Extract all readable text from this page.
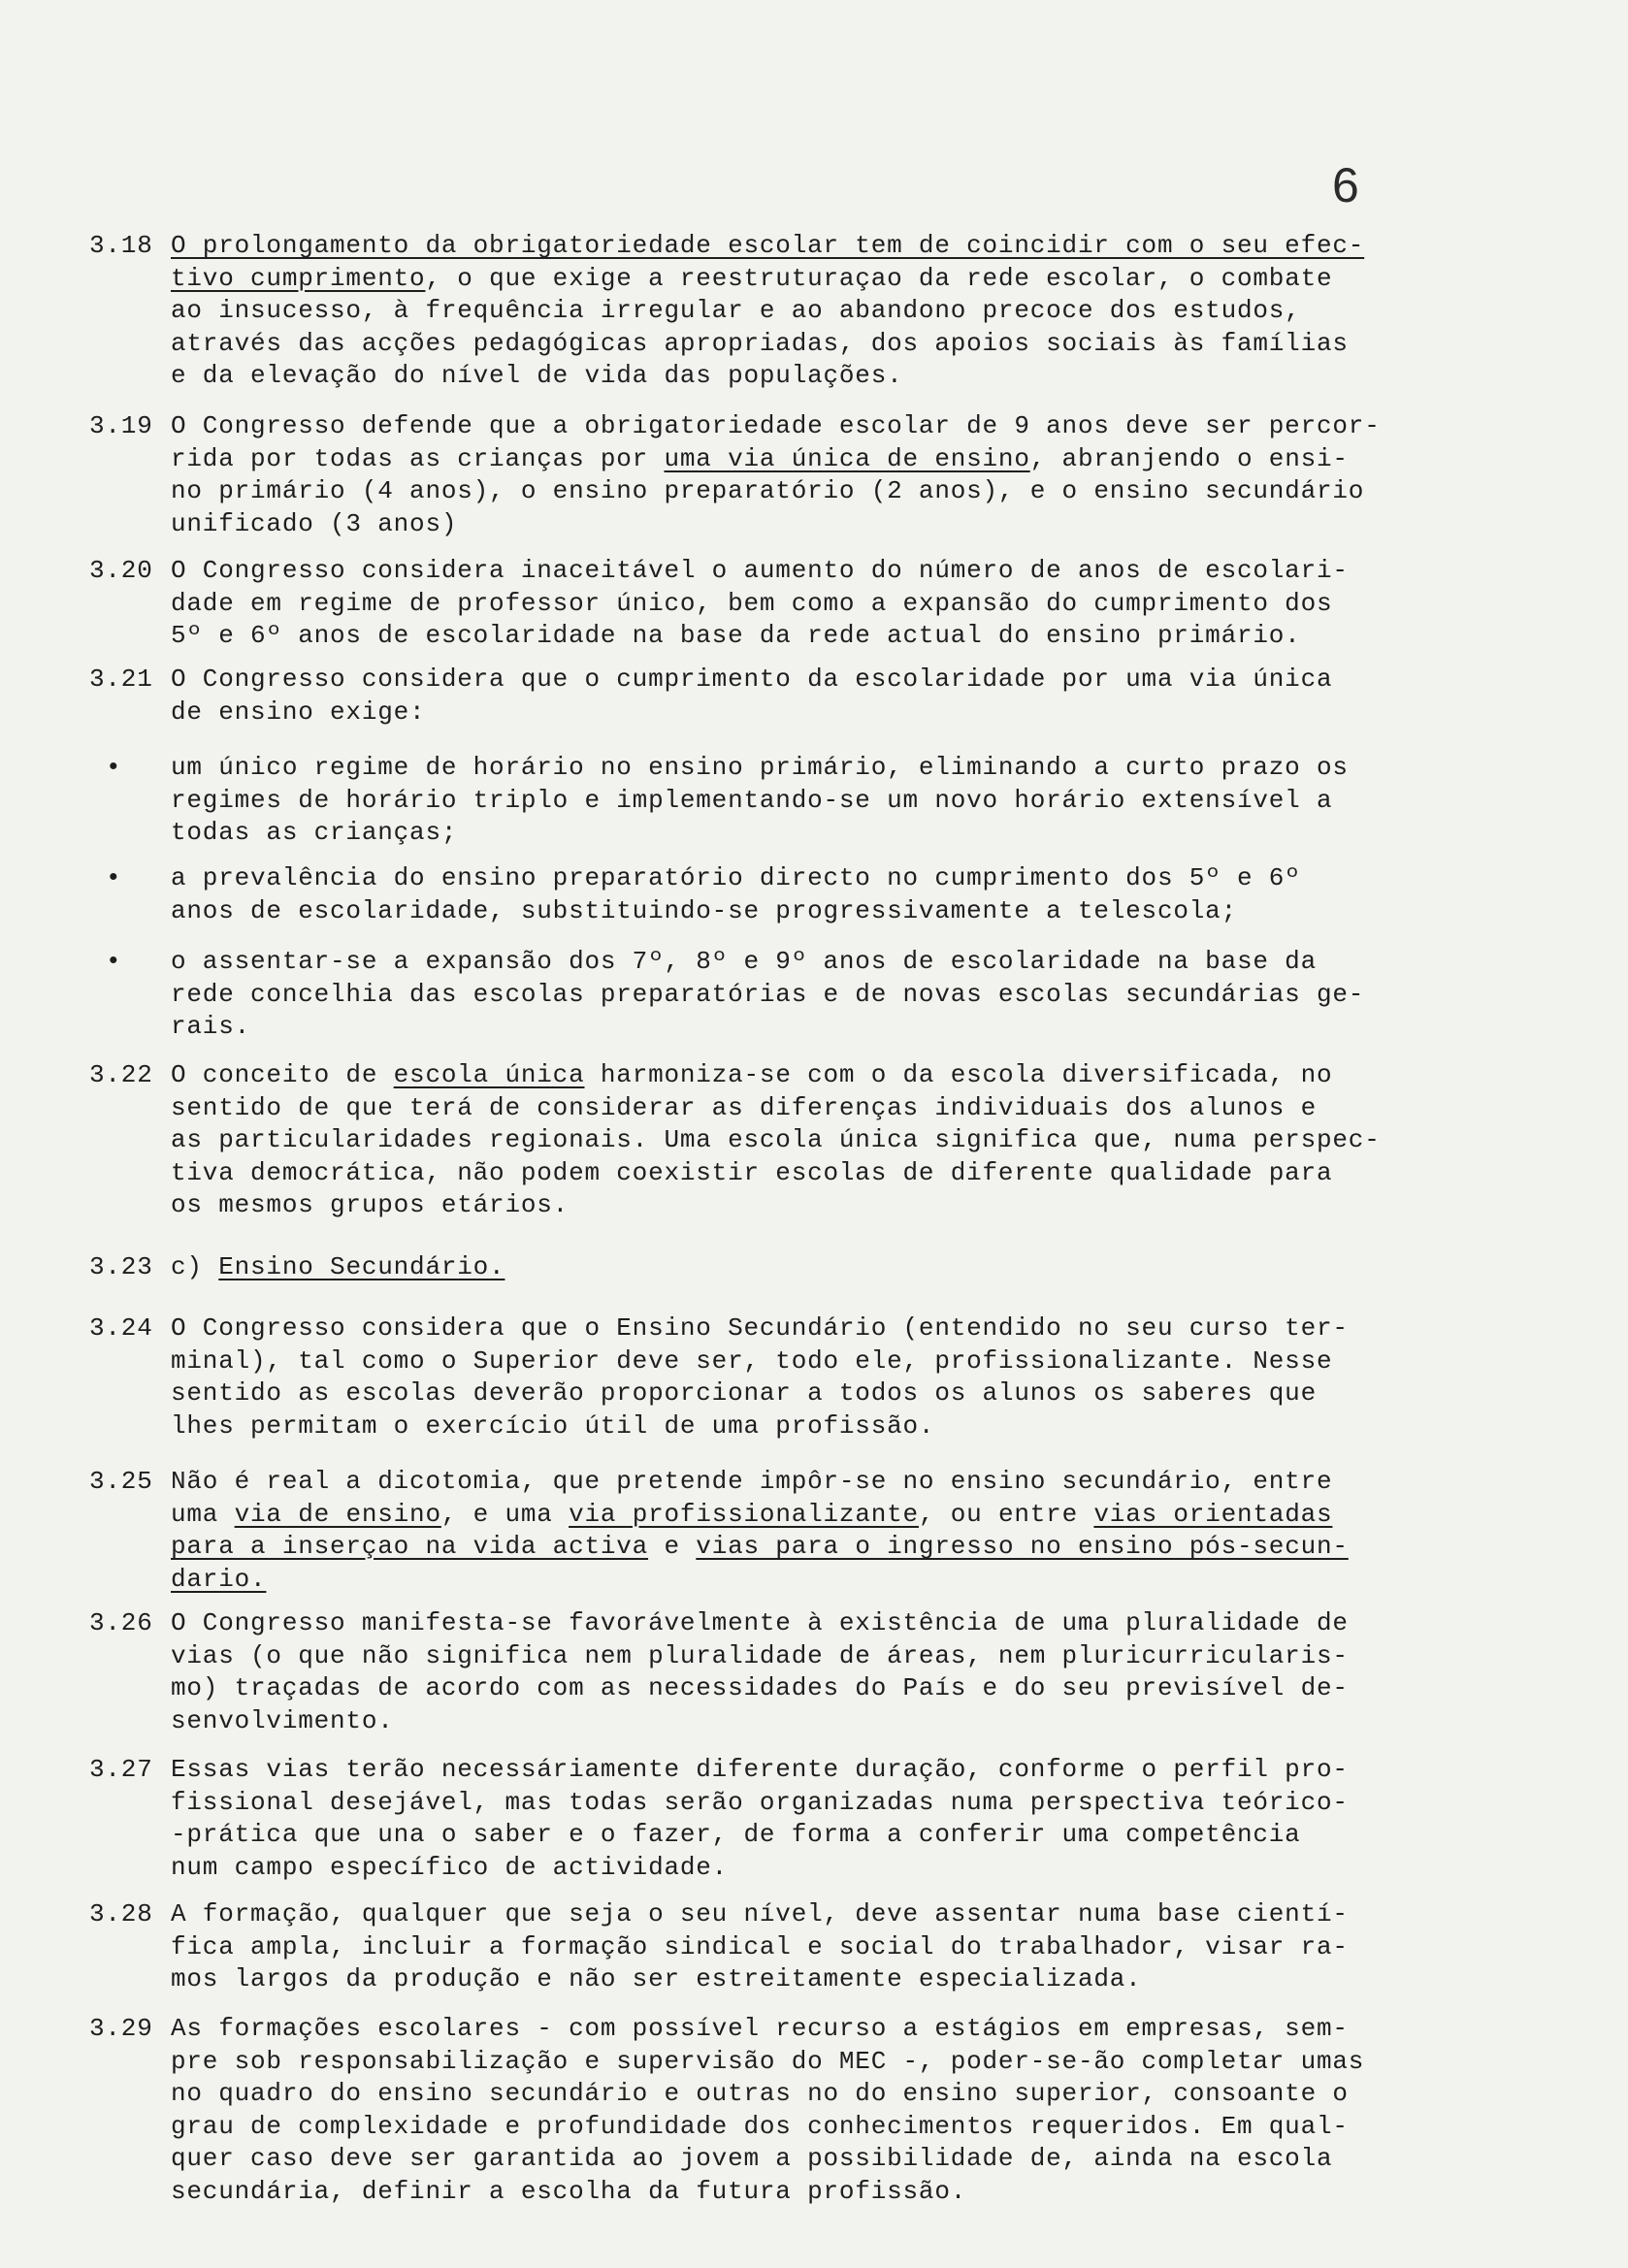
6
3.18 O prolongamento da obrigatoriedade escolar tem de coincidir com o seu efec-
tivo cumprimento, o que exige a reestruturaçao da rede escolar, o combate
ao insucesso, à frequência irregular e ao abandono precoce dos estudos,
através das acções pedagógicas apropriadas, dos apoios sociais às famílias
e da elevação do nível de vida das populações.
3.19 O Congresso defende que a obrigatoriedade escolar de 9 anos deve ser percor-
rida por todas as crianças por uma via única de ensino, abranjendo o ensi-
no primário (4 anos), o ensino preparatório (2 anos), e o ensino secundário
unificado (3 anos)
3.20 O Congresso considera inaceitável o aumento do número de anos de escolari-
dade em regime de professor único, bem como a expansão do cumprimento dos
5º e 6º anos de escolaridade na base da rede actual do ensino primário.
3.21 O Congresso considera que o cumprimento da escolaridade por uma via única
de ensino exige:
• um único regime de horário no ensino primário, eliminando a curto prazo os
regimes de horário triplo e implementando-se um novo horário extensível a
todas as crianças;
• a prevalência do ensino preparatório directo no cumprimento dos 5º e 6º
anos de escolaridade, substituindo-se progressivamente a telescola;
• o assentar-se a expansão dos 7º, 8º e 9º anos de escolaridade na base da
rede concelhia das escolas preparatórias e de novas escolas secundárias ge-
rais.
3.22 O conceito de escola única harmoniza-se com o da escola diversificada, no
sentido de que terá de considerar as diferenças individuais dos alunos e
as particularidades regionais. Uma escola única significa que, numa perspec-
tiva democrática, não podem coexistir escolas de diferente qualidade para
os mesmos grupos etários.
3.23 c) Ensino Secundário.
3.24 O Congresso considera que o Ensino Secundário (entendido no seu curso ter-
minal), tal como o Superior deve ser, todo ele, profissionalizante. Nesse
sentido as escolas deverão proporcionar a todos os alunos os saberes que
lhes permitam o exercício útil de uma profissão.
3.25 Não é real a dicotomia, que pretende impôr-se no ensino secundário, entre
uma via de ensino, e uma via profissionalizante, ou entre vias orientadas
para a inserçao na vida activa e vias para o ingresso no ensino pós-secun-
dario.
3.26 O Congresso manifesta-se favorávelmente à existência de uma pluralidade de
vias (o que não significa nem pluralidade de áreas, nem pluricurricularis-
mo) traçadas de acordo com as necessidades do País e do seu previsível de-
senvolvimento.
3.27 Essas vias terão necessáriamente diferente duração, conforme o perfil pro-
fissional desejável, mas todas serão organizadas numa perspectiva teórico-
-prática que una o saber e o fazer, de forma a conferir uma competência
num campo específico de actividade.
3.28 A formação, qualquer que seja o seu nível, deve assentar numa base cientí-
fica ampla, incluir a formação sindical e social do trabalhador, visar ra-
mos largos da produção e não ser estreitamente especializada.
3.29 As formações escolares - com possível recurso a estágios em empresas, sem-
pre sob responsabilização e supervisão do MEC -, poder-se-ão completar umas
no quadro do ensino secundário e outras no do ensino superior, consoante o
grau de complexidade e profundidade dos conhecimentos requeridos. Em qual-
quer caso deve ser garantida ao jovem a possibilidade de, ainda na escola
secundária, definir a escolha da futura profissão.
